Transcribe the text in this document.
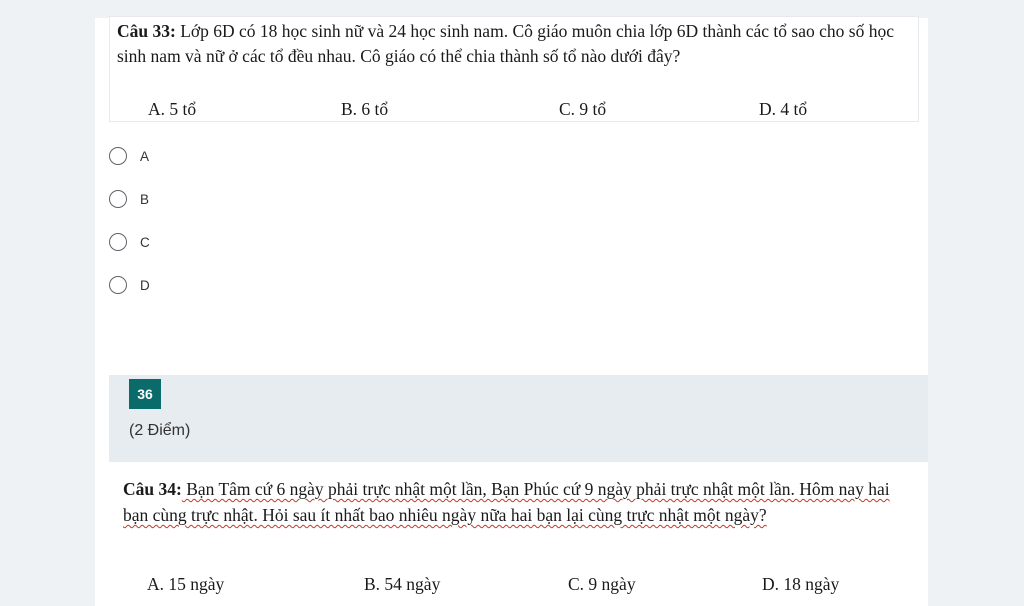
Câu 33: Lớp 6D có 18 học sinh nữ và 24 học sinh nam. Cô giáo muôn chia lớp 6D thành các tổ sao cho số học sinh nam và nữ ở các tổ đều nhau. Cô giáo có thể chia thành số tổ nào dưới đây?
A. 5 tổ	B. 6 tổ	C. 9 tổ	D. 4 tổ
A
B
C
D
36
(2 Điểm)
Câu 34: Bạn Tâm cứ 6 ngày phải trực nhật một lần, Bạn Phúc cứ 9 ngày phải trực nhật một lần. Hôm nay hai bạn cùng trực nhật. Hỏi sau ít nhất bao nhiêu ngày nữa hai bạn lại cùng trực nhật một ngày?
A. 15 ngày	B. 54 ngày	C. 9 ngày	D. 18 ngày
